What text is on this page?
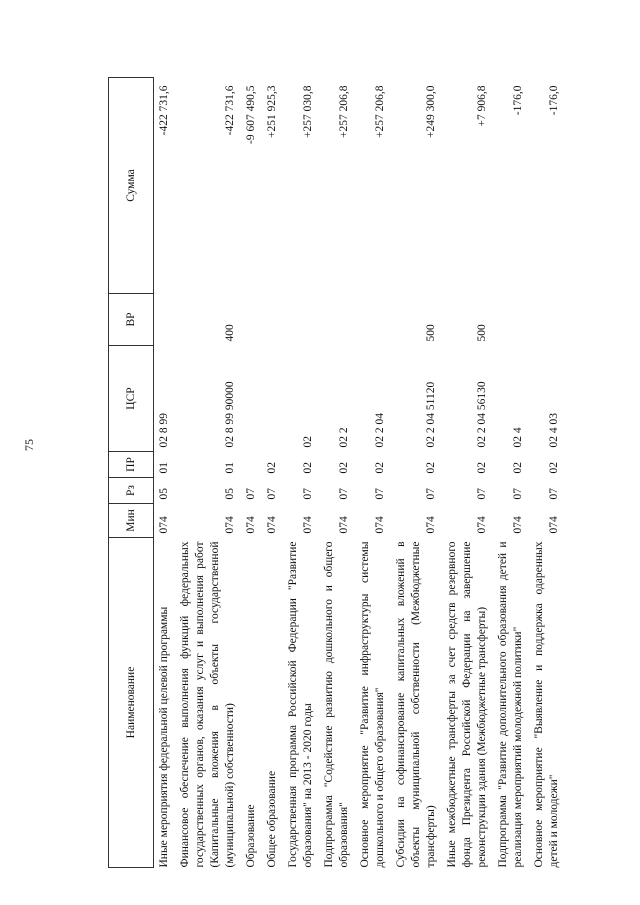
75
Наименование	Мин	Рз	ПР	ЦСР	ВР	Сумма
Иные мероприятия федеральной целевой программы	074	05	01	02 8 99		-422 731,6
Финансовое обеспечение выполнения функций федеральных государственных органов, оказания услуг и выполнения работ (Капитальные вложения в объекты государственной (муниципальной) собственности)	074	05	01	02 8 99 90000	400	-422 731,6
Образование	074	07				-9 607 490,5
Общее образование	074	07	02			+251 925,3
Государственная программа Российской Федерации "Развитие образования" на 2013 - 2020 годы	074	07	02	02		+257 030,8
Подпрограмма "Содействие развитию дошкольного и общего образования"	074	07	02	02 2		+257 206,8
Основное мероприятие "Развитие инфраструктуры системы дошкольного и общего образования"	074	07	02	02 2 04		+257 206,8
Субсидии на софинансирование капитальных вложений в объекты муниципальной собственности (Межбюджетные трансферты)	074	07	02	02 2 04 51120	500	+249 300,0
Иные межбюджетные трансферты за счет средств резервного фонда Президента Российской Федерации на завершение реконструкции здания (Межбюджетные трансферты)	074	07	02	02 2 04 56130	500	+7 906,8
Подпрограмма "Развитие дополнительного образования детей и реализация мероприятий молодежной политики"	074	07	02	02 4		-176,0
Основное мероприятие "Выявление и поддержка одаренных детей и молодежи"	074	07	02	02 4 03		-176,0
